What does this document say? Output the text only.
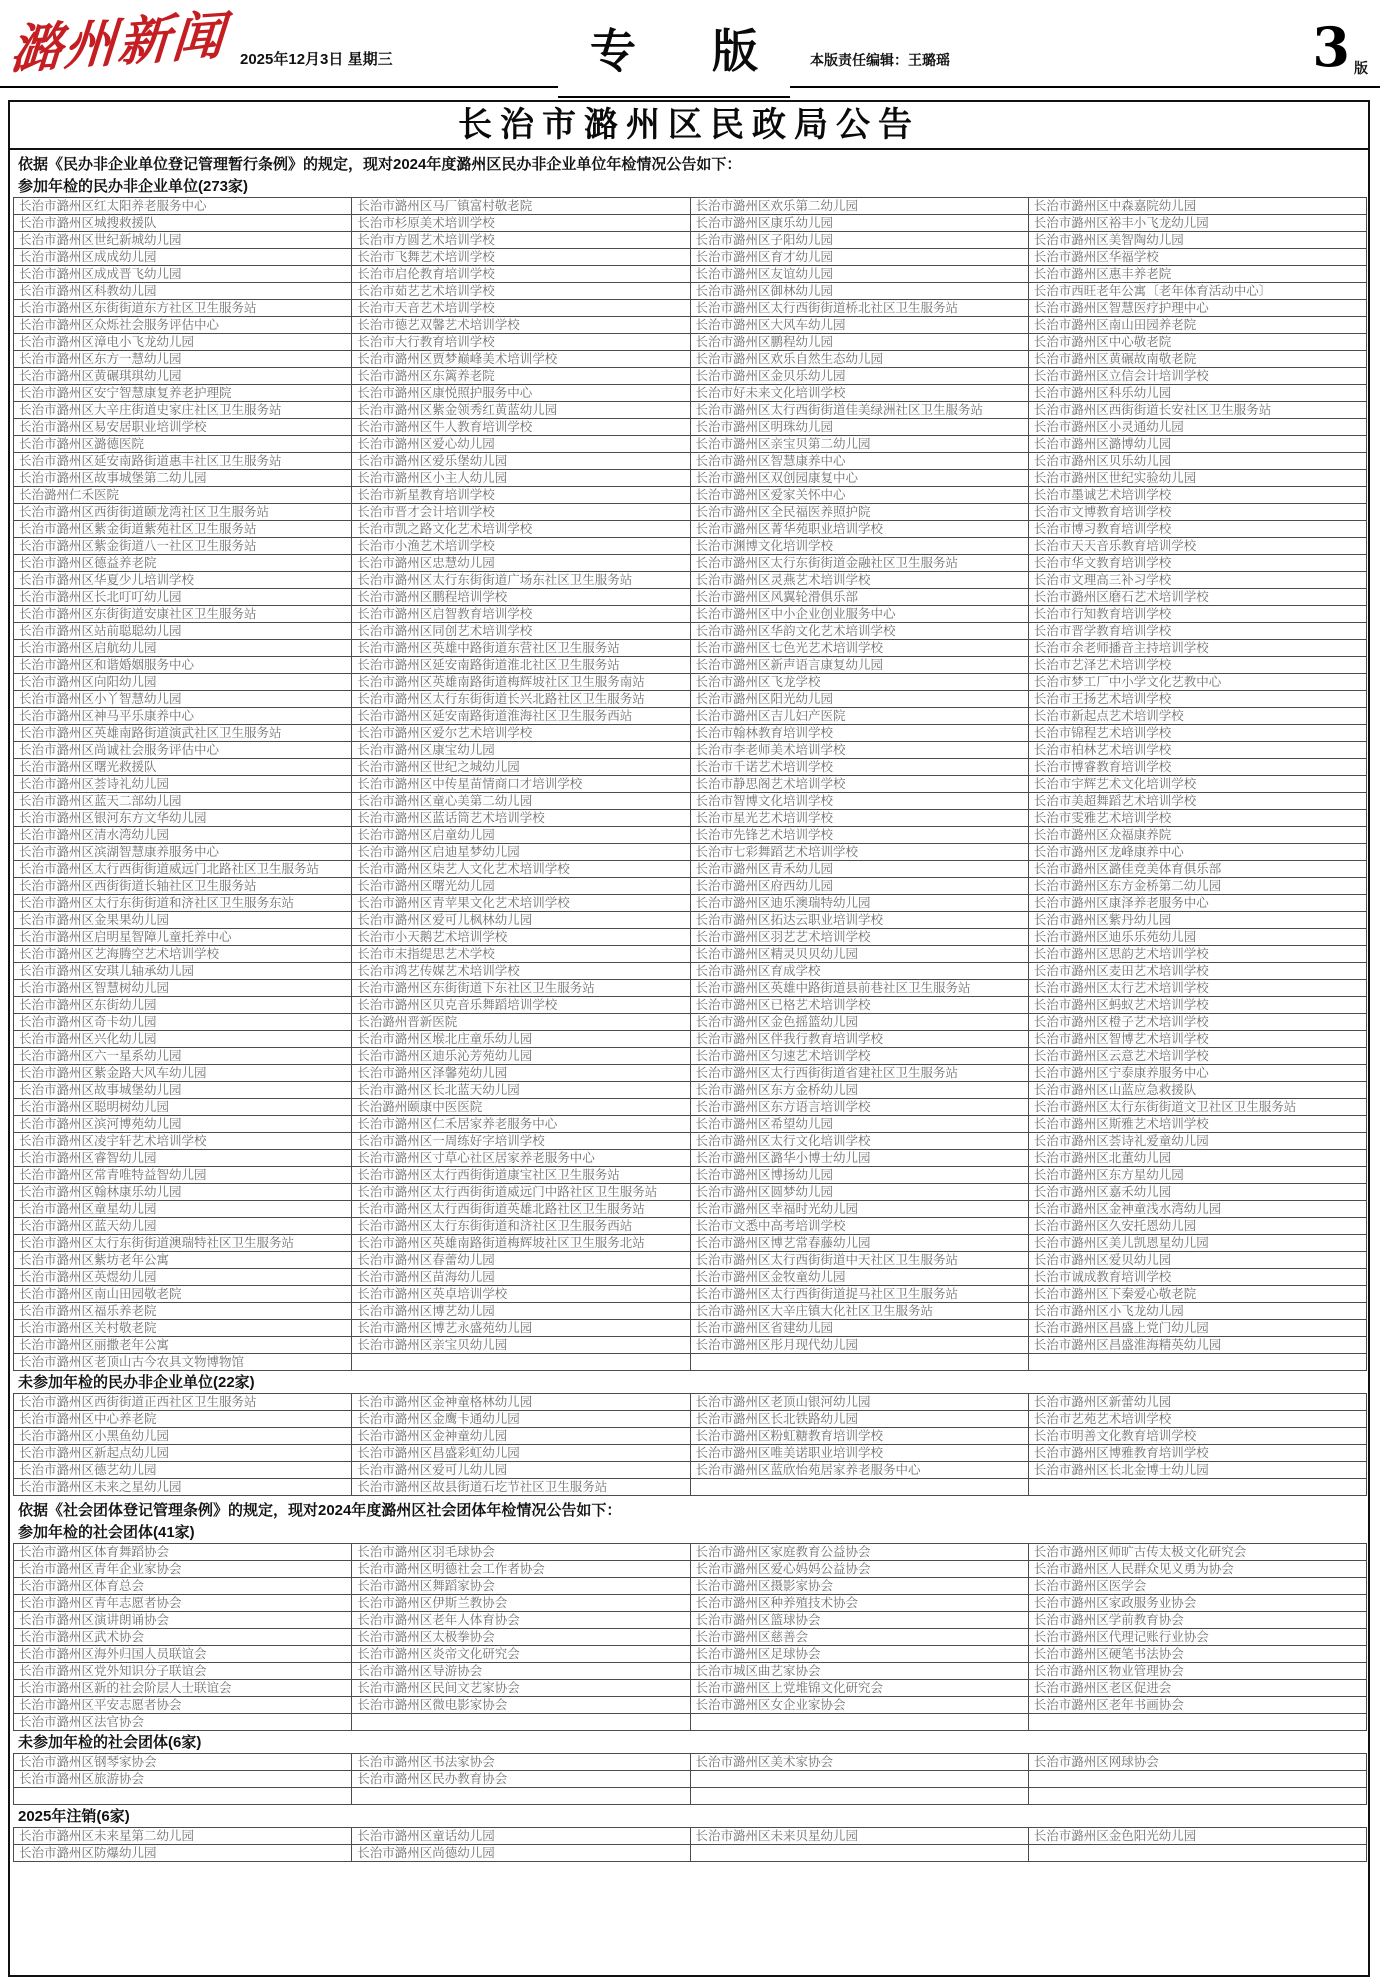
潞州新闻 2025年12月3日 星期三	专 版 本版责任编辑：王璐瑶	3 版
长治市潞州区民政局公告
依据《民办非企业单位登记管理暂行条例》的规定，现对2024年度潞州区民办非企业单位年检情况公告如下：
参加年检的民办非企业单位(273家)
长治市潞州区红太阳养老服务中心	长治市潞州区马厂镇富村敬老院	长治市潞州区欢乐第二幼儿园	长治市潞州区中森嘉院幼儿园
长治市潞州区城搜救援队	长治市杉原美术培训学校	长治市潞州区康乐幼儿园	长治市潞州区裕丰小飞龙幼儿园
长治市潞州区世纪新城幼儿园	长治市方圆艺术培训学校	长治市潞州区子阳幼儿园	长治市潞州区美智陶幼儿园
长治市潞州区成成幼儿园	长治市飞舞艺术培训学校	长治市潞州区育才幼儿园	长治市潞州区华福学校
长治市潞州区成成晋飞幼儿园	长治市启伦教育培训学校	长治市潞州区友谊幼儿园	长治市潞州区惠丰养老院
长治市潞州区科教幼儿园	长治市茹艺艺术培训学校	长治市潞州区御林幼儿园	长治市西旺老年公寓〔老年体育活动中心〕
长治市潞州区东街街道东方社区卫生服务站	长治市天音艺术培训学校	长治市潞州区太行西街街道桥北社区卫生服务站	长治市潞州区智慧医疗护理中心
长治市潞州区众烁社会服务评估中心	长治市德艺双馨艺术培训学校	长治市潞州区大风车幼儿园	长治市潞州区南山田园养老院
长治市潞州区漳电小飞龙幼儿园	长治市大行教育培训学校	长治市潞州区鹏程幼儿园	长治市潞州区中心敬老院
长治市潞州区东方一慧幼儿园	长治市潞州区贾梦巅峰美术培训学校	长治市潞州区欢乐自然生态幼儿园	长治市潞州区黄碾故南敬老院
长治市潞州区黄碾琪琪幼儿园	长治市潞州区东篱养老院	长治市潞州区金贝乐幼儿园	长治市潞州区立信会计培训学校
长治市潞州区安宁智慧康复养老护理院	长治市潞州区康悦照护服务中心	长治市好未来文化培训学校	长治市潞州区科乐幼儿园
长治市潞州区大辛庄街道史家庄社区卫生服务站	长治市潞州区紫金领秀红黄蓝幼儿园	长治市潞州区太行西街街道佳美绿洲社区卫生服务站	长治市潞州区西街街道长安社区卫生服务站
长治市潞州区易安居职业培训学校	长治市潞州区牛人教育培训学校	长治市潞州区明珠幼儿园	长治市潞州区小灵通幼儿园
长治市潞州区潞德医院	长治市潞州区爱心幼儿园	长治市潞州区亲宝贝第二幼儿园	长治市潞州区潞博幼儿园
长治市潞州区延安南路街道惠丰社区卫生服务站	长治市潞州区爱乐堡幼儿园	长治市潞州区智慧康养中心	长治市潞州区贝乐幼儿园
长治市潞州区故事城堡第二幼儿园	长治市潞州区小主人幼儿园	长治市潞州区双创园康复中心	长治市潞州区世纪实验幼儿园
长治潞州仁禾医院	长治市新星教育培训学校	长治市潞州区爱家关怀中心	长治市墨诚艺术培训学校
长治市潞州区西街街道颐龙湾社区卫生服务站	长治市晋才会计培训学校	长治市潞州区全民福医养照护院	长治市文博教育培训学校
长治市潞州区紫金街道紫苑社区卫生服务站	长治市凯之路文化艺术培训学校	长治市潞州区菁华苑职业培训学校	长治市博习教育培训学校
长治市潞州区紫金街道八一社区卫生服务站	长治市小渔艺术培训学校	长治市渊博文化培训学校	长治市天天音乐教育培训学校
长治市潞州区德益养老院	长治市潞州区忠慧幼儿园	长治市潞州区太行东街街道金融社区卫生服务站	长治市华文教育培训学校
长治市潞州区华夏少儿培训学校	长治市潞州区太行东街街道广场东社区卫生服务站	长治市潞州区灵燕艺术培训学校	长治市文理高三补习学校
长治市潞州区长北叮叮幼儿园	长治市潞州区鹏程培训学校	长治市潞州区风翼轮滑俱乐部	长治市潞州区磨石艺术培训学校
长治市潞州区东街街道安康社区卫生服务站	长治市潞州区启智教育培训学校	长治市潞州区中小企业创业服务中心	长治市行知教育培训学校
长治市潞州区站前聪聪幼儿园	长治市潞州区同创艺术培训学校	长治市潞州区华韵文化艺术培训学校	长治市晋学教育培训学校
长治市潞州区启航幼儿园	长治市潞州区英雄中路街道东营社区卫生服务站	长治市潞州区七色光艺术培训学校	长治市余老师播音主持培训学校
长治市潞州区和谐婚姻服务中心	长治市潞州区延安南路街道淮北社区卫生服务站	长治市潞州区新声语言康复幼儿园	长治市艺泽艺术培训学校
长治市潞州区向阳幼儿园	长治市潞州区英雄南路街道梅辉坡社区卫生服务南站	长治市潞州区飞龙学校	长治市梦工厂中小学文化艺教中心
长治市潞州区小丫智慧幼儿园	长治市潞州区太行东街街道长兴北路社区卫生服务站	长治市潞州区阳光幼儿园	长治市王扬艺术培训学校
长治市潞州区神马平乐康养中心	长治市潞州区延安南路街道淮海社区卫生服务西站	长治市潞州区吉儿妇产医院	长治市新起点艺术培训学校
长治市潞州区英雄南路街道演武社区卫生服务站	长治市潞州区爱尔艺术培训学校	长治市翰林教育培训学校	长治市锦程艺术培训学校
长治市潞州区尚诚社会服务评估中心	长治市潞州区康宝幼儿园	长治市李老师美术培训学校	长治市柏林艺术培训学校
长治市潞州区曙光救援队	长治市潞州区世纪之城幼儿园	长治市千诺艺术培训学校	长治市博睿教育培训学校
长治市潞州区荟诗礼幼儿园	长治市潞州区中传星苗情商口才培训学校	长治市静思阁艺术培训学校	长治市宇辉艺术文化培训学校
长治市潞州区蓝天二部幼儿园	长治市潞州区童心美第二幼儿园	长治市智博文化培训学校	长治市美超舞蹈艺术培训学校
长治市潞州区银河东方文华幼儿园	长治市潞州区蓝话筒艺术培训学校	长治市星光艺术培训学校	长治市雯雅艺术培训学校
长治市潞州区清水湾幼儿园	长治市潞州区启童幼儿园	长治市先锋艺术培训学校	长治市潞州区众福康养院
长治市潞州区滨湖智慧康养服务中心	长治市潞州区启迪星梦幼儿园	长治市七彩舞蹈艺术培训学校	长治市潞州区龙峰康养中心
长治市潞州区太行西街街道威远门北路社区卫生服务站	长治市潞州区柒艺人文化艺术培训学校	长治市潞州区青禾幼儿园	长治市潞州区潞佳竞美体育俱乐部
长治市潞州区西街街道长轴社区卫生服务站	长治市潞州区曙光幼儿园	长治市潞州区府西幼儿园	长治市潞州区东方金桥第二幼儿园
长治市潞州区太行东街街道和济社区卫生服务东站	长治市潞州区青苹果文化艺术培训学校	长治市潞州区迪乐澳瑞特幼儿园	长治市潞州区康泽养老服务中心
长治市潞州区金果果幼儿园	长治市潞州区爱可儿枫林幼儿园	长治市潞州区拓达云职业培训学校	长治市潞州区紫丹幼儿园
长治市潞州区启明星智障儿童托养中心	长治市小天鹅艺术培训学校	长治市潞州区羽艺艺术培训学校	长治市潞州区迪乐乐苑幼儿园
长治市潞州区艺海腾空艺术培训学校	长治市末指缇思艺术学校	长治市潞州区精灵贝贝幼儿园	长治市潞州区思韵艺术培训学校
长治市潞州区安琪儿轴承幼儿园	长治市鸿艺传媒艺术培训学校	长治市潞州区育成学校	长治市潞州区麦田艺术培训学校
长治市潞州区智慧树幼儿园	长治市潞州区东街街道下东社区卫生服务站	长治市潞州区英雄中路街道县前巷社区卫生服务站	长治市潞州区太行艺术培训学校
长治市潞州区东街幼儿园	长治市潞州区贝克音乐舞蹈培训学校	长治市潞州区已格艺术培训学校	长治市潞州区蚂蚁艺术培训学校
长治市潞州区奇卡幼儿园	长治潞州晋新医院	长治市潞州区金色摇篮幼儿园	长治市潞州区橙子艺术培训学校
长治市潞州区兴化幼儿园	长治市潞州区堠北庄童乐幼儿园	长治市潞州区伴我行教育培训学校	长治市潞州区智博艺术培训学校
长治市潞州区六一星系幼儿园	长治市潞州区迪乐沁芳苑幼儿园	长治市潞州区匀速艺术培训学校	长治市潞州区云意艺术培训学校
长治市潞州区紫金路大风车幼儿园	长治市潞州区泽馨苑幼儿园	长治市潞州区太行西街街道省建社区卫生服务站	长治市潞州区宁泰康养服务中心
长治市潞州区故事城堡幼儿园	长治市潞州区长北蓝天幼儿园	长治市潞州区东方金桥幼儿园	长治市潞州区山蓝应急救援队
长治市潞州区聪明树幼儿园	长治潞州颐康中医医院	长治市潞州区东方语言培训学校	长治市潞州区太行东街街道文卫社区卫生服务站
长治市潞州区滨河博苑幼儿园	长治市潞州区仁禾居家养老服务中心	长治市潞州区希望幼儿园	长治市潞州区斯雅艺术培训学校
长治市潞州区凌宇轩艺术培训学校	长治市潞州区一周练好字培训学校	长治市潞州区太行文化培训学校	长治市潞州区荟诗礼爱童幼儿园
长治市潞州区睿智幼儿园	长治市潞州区寸草心社区居家养老服务中心	长治市潞州区潞华小博士幼儿园	长治市潞州区北董幼儿园
长治市潞州区常青唯特益智幼儿园	长治市潞州区太行西街街道康宝社区卫生服务站	长治市潞州区博扬幼儿园	长治市潞州区东方星幼儿园
长治市潞州区翰林康乐幼儿园	长治市潞州区太行西街街道威远门中路社区卫生服务站	长治市潞州区圆梦幼儿园	长治市潞州区嘉禾幼儿园
长治市潞州区童星幼儿园	长治市潞州区太行西街街道英雄北路社区卫生服务站	长治市潞州区幸福时光幼儿园	长治市潞州区金神童浅水湾幼儿园
长治市潞州区蓝天幼儿园	长治市潞州区太行东街街道和济社区卫生服务西站	长治市文悉中高考培训学校	长治市潞州区久安托恩幼儿园
长治市潞州区太行东街街道澳瑞特社区卫生服务站	长治市潞州区英雄南路街道梅辉坡社区卫生服务北站	长治市潞州区博艺常春藤幼儿园	长治市潞州区美儿凯恩星幼儿园
长治市潞州区紫坊老年公寓	长治市潞州区春蕾幼儿园	长治市潞州区太行西街街道中天社区卫生服务站	长治市潞州区爱贝幼儿园
长治市潞州区英煜幼儿园	长治市潞州区苗海幼儿园	长治市潞州区金牧童幼儿园	长治市诚成教育培训学校
长治市潞州区南山田园敬老院	长治市潞州区英卓培训学校	长治市潞州区太行西街街道捉马社区卫生服务站	长治市潞州区下秦爱心敬老院
长治市潞州区福乐养老院	长治市潞州区博艺幼儿园	长治市潞州区大辛庄镇大化社区卫生服务站	长治市潞州区小飞龙幼儿园
长治市潞州区关村敬老院	长治市潞州区博艺永盛苑幼儿园	长治市潞州区省建幼儿园	长治市潞州区昌盛上党门幼儿园
长治市潞州区丽撒老年公寓	长治市潞州区亲宝贝幼儿园	长治市潞州区彤月现代幼儿园	长治市潞州区昌盛淮海精英幼儿园
长治市潞州区老顶山古今农具文物博物馆			
未参加年检的民办非企业单位(22家)
长治市潞州区西街街道正西社区卫生服务站	长治市潞州区金神童格林幼儿园	长治市潞州区老顶山银河幼儿园	长治市潞州区新蕾幼儿园
长治市潞州区中心养老院	长治市潞州区金鹰卡通幼儿园	长治市潞州区长北铁路幼儿园	长治市艺苑艺术培训学校
长治市潞州区小黑鱼幼儿园	长治市潞州区金神童幼儿园	长治市潞州区粉虹糖教育培训学校	长治市明善文化教育培训学校
长治市潞州区新起点幼儿园	长治市潞州区昌盛彩虹幼儿园	长治市潞州区唯美诺职业培训学校	长治市潞州区博雅教育培训学校
长治市潞州区德艺幼儿园	长治市潞州区爱可儿幼儿园	长治市潞州区蓝欣怡苑居家养老服务中心	长治市潞州区长北金博士幼儿园
长治市潞州区未来之星幼儿园	长治市潞州区故县街道石圪节社区卫生服务站		
依据《社会团体登记管理条例》的规定，现对2024年度潞州区社会团体年检情况公告如下：
参加年检的社会团体(41家)
长治市潞州区体育舞蹈协会	长治市潞州区羽毛球协会	长治市潞州区家庭教育公益协会	长治市潞州区师旷古传太极文化研究会
长治市潞州区青年企业家协会	长治市潞州区明德社会工作者协会	长治市潞州区爱心妈妈公益协会	长治市潞州区人民群众见义勇为协会
长治市潞州区体育总会	长治市潞州区舞蹈家协会	长治市潞州区摄影家协会	长治市潞州区医学会
长治市潞州区青年志愿者协会	长治市潞州区伊斯兰教协会	长治市潞州区种养殖技术协会	长治市潞州区家政服务业协会
长治市潞州区演讲朗诵协会	长治市潞州区老年人体育协会	长治市潞州区篮球协会	长治市潞州区学前教育协会
长治市潞州区武术协会	长治市潞州区太极拳协会	长治市潞州区慈善会	长治市潞州区代理记账行业协会
长治市潞州区海外归国人员联谊会	长治市潞州区炎帝文化研究会	长治市潞州区足球协会	长治市潞州区硬笔书法协会
长治市潞州区党外知识分子联谊会	长治市潞州区导游协会	长治市城区曲艺家协会	长治市潞州区物业管理协会
长治市潞州区新的社会阶层人士联谊会	长治市潞州区民间文艺家协会	长治市潞州区上党堆锦文化研究会	长治市潞州区老区促进会
长治市潞州区平安志愿者协会	长治市潞州区微电影家协会	长治市潞州区女企业家协会	长治市潞州区老年书画协会
长治市潞州区法官协会			
未参加年检的社会团体(6家)
长治市潞州区钢琴家协会	长治市潞州区书法家协会	长治市潞州区美术家协会	长治市潞州区网球协会
长治市潞州区旅游协会	长治市潞州区民办教育协会		

2025年注销(6家)
长治市潞州区未来星第二幼儿园	长治市潞州区童话幼儿园	长治市潞州区未来贝星幼儿园	长治市潞州区金色阳光幼儿园
长治市潞州区防爆幼儿园	长治市潞州区尚德幼儿园		
